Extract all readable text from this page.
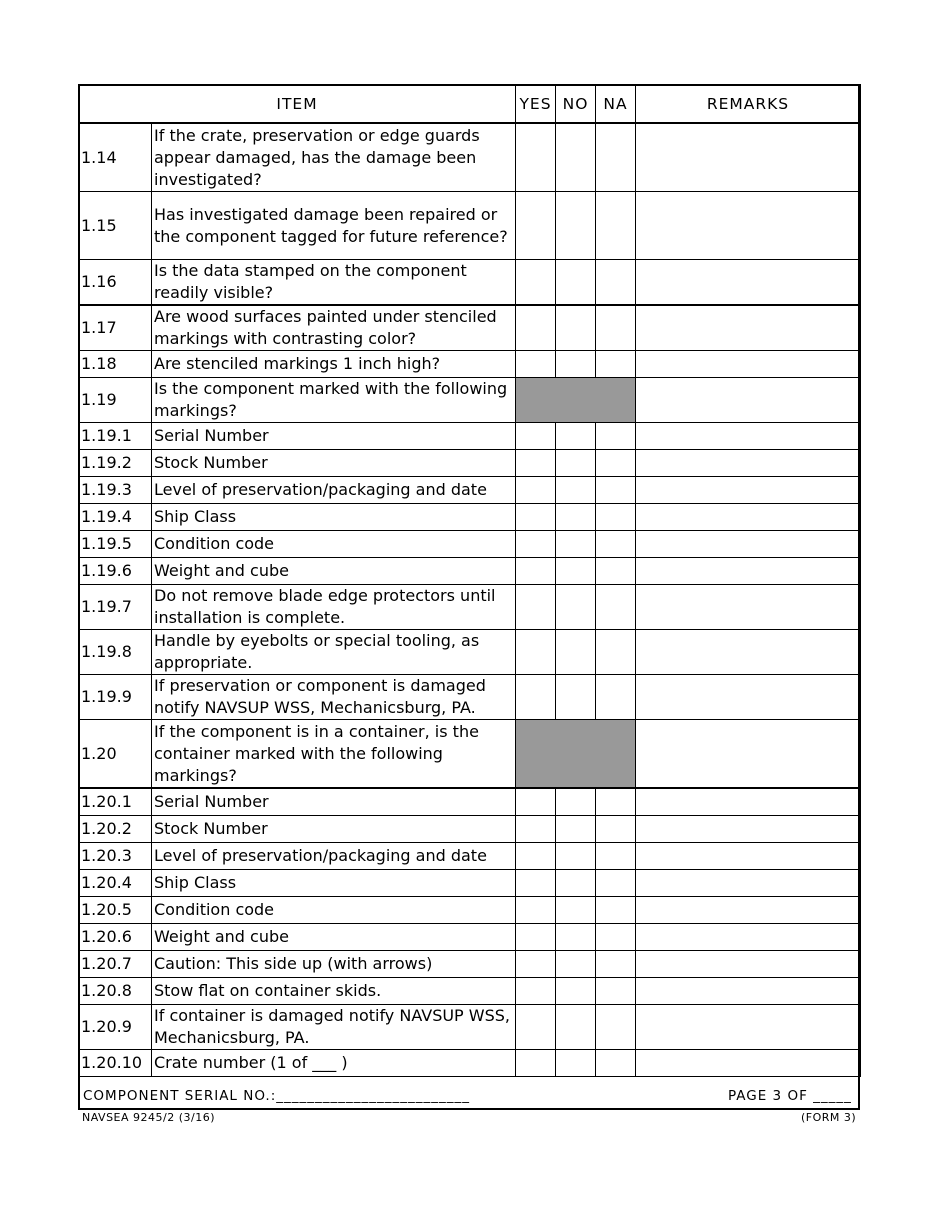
ITEM		YES	NO	NA	REMARKS
1.14	If the crate, preservation or edge guards appear damaged, has the damage been investigated?				
1.15	Has investigated damage been repaired or the component tagged for future reference?				
1.16	Is the data stamped on the component readily visible?				
1.17	Are wood surfaces painted under stenciled markings with contrasting color?				
1.18	Are stenciled markings 1 inch high?				
1.19	Is the component marked with the following markings?				
1.19.1	Serial Number				
1.19.2	Stock Number				
1.19.3	Level of preservation/packaging and date				
1.19.4	Ship Class				
1.19.5	Condition code				
1.19.6	Weight and cube				
1.19.7	Do not remove blade edge protectors until installation is complete.				
1.19.8	Handle by eyebolts or special tooling, as appropriate.				
1.19.9	If preservation or component is damaged notify NAVSUP WSS, Mechanicsburg, PA.				
1.20	If the component is in a container, is the container marked with the following markings?				
1.20.1	Serial Number				
1.20.2	Stock Number				
1.20.3	Level of preservation/packaging and date				
1.20.4	Ship Class				
1.20.5	Condition code				
1.20.6	Weight and cube				
1.20.7	Caution: This side up (with arrows)				
1.20.8	Stow flat on container skids.				
1.20.9	If container is damaged notify NAVSUP WSS, Mechanicsburg, PA.				
1.20.10	Crate number (1 of ___ )				
COMPONENT SERIAL NO.:_________________________	PAGE 3 OF _____
NAVSEA 9245/2 (3/16)	(FORM 3)
